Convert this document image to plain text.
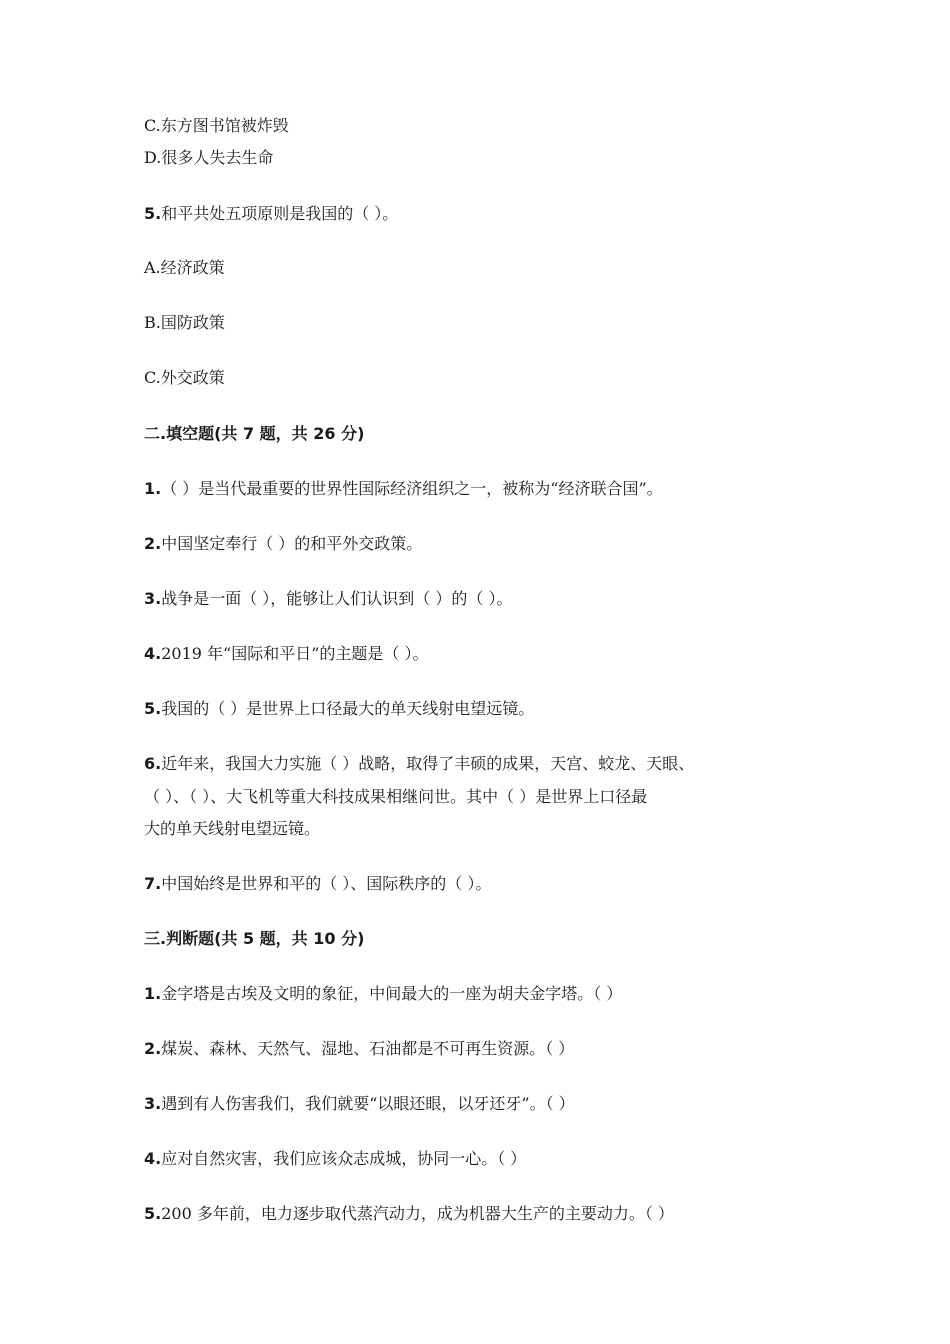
C.东方图书馆被炸毁
D.很多人失去生命
5.和平共处五项原则是我国的（ ）。
A.经济政策
B.国防政策
C.外交政策
二.填空题(共 7 题，共 26 分)
1.（ ）是当代最重要的世界性国际经济组织之一，被称为“经济联合国”。
2.中国坚定奉行（ ）的和平外交政策。
3.战争是一面（ ），能够让人们认识到（ ）的（ ）。
4.2019 年“国际和平日”的主题是（ ）。
5.我国的（ ）是世界上口径最大的单天线射电望远镜。
6.近年来，我国大力实施（ ）战略，取得了丰硕的成果，天宫、蛟龙、天眼、
（ ）、（ ）、大飞机等重大科技成果相继问世。其中（ ）是世界上口径最
大的单天线射电望远镜。
7.中国始终是世界和平的（ ）、国际秩序的（ ）。
三.判断题(共 5 题，共 10 分)
1.金字塔是古埃及文明的象征，中间最大的一座为胡夫金字塔。（ ）
2.煤炭、森林、天然气、湿地、石油都是不可再生资源。（ ）
3.遇到有人伤害我们，我们就要“以眼还眼，以牙还牙”。（ ）
4.应对自然灾害，我们应该众志成城，协同一心。（ ）
5.200 多年前，电力逐步取代蒸汽动力，成为机器大生产的主要动力。（ ）
